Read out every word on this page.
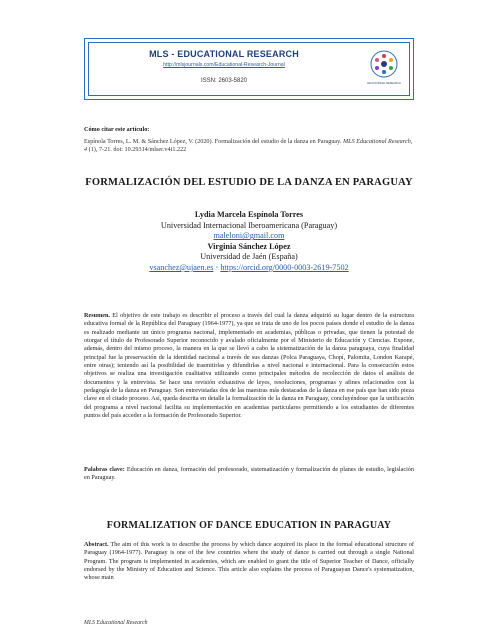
MLS - EDUCATIONAL RESEARCH
http://mlsjournals.com/Educational-Research-Journal
ISSN: 2603-5820	EDUCATIONAL RESEARCH
Cómo citar este artículo:
Espínola Torres, L. M. & Sánchez López, V. (2020). Formalización del estudio de la danza en Paraguay. MLS Educational Research, 4 (1), 7-21. doi: 10.29314/mlser.v4i1.222
FORMALIZACIÓN DEL ESTUDIO DE LA DANZA EN PARAGUAY
Lydia Marcela Espínola Torres
Universidad Internacional Iberoamericana (Paraguay)
maleloni@gmail.com
Virginia Sánchez López
Universidad de Jaén (España)
vsanchez@ujaen.es · https://orcid.org/0000-0003-2619-7502
Resumen. El objetivo de este trabajo es describir el proceso a través del cual la danza adquirió su lugar dentro de la estructura educativa formal de la República del Paraguay (1964-1977), ya que se trata de uno de los pocos países donde el estudio de la danza es realizado mediante un único programa nacional, implementado en academias, públicas o privadas, que tienen la potestad de otorgar el título de Profesorado Superior reconocido y avalado oficialmente por el Ministerio de Educación y Ciencias. Expone, además, dentro del mismo proceso, la manera en la que se llevó a cabo la sistematización de la danza paraguaya, cuya finalidad principal fue la preservación de la identidad nacional a través de sus danzas (Polca Paraguaya, Chopí, Palomita, London Karapé, entre otras); teniendo así la posibilidad de trasmitirlas y difundirlas a nivel nacional e internacional. Para la consecución estos objetivos se realiza una investigación cualitativa utilizando como principales métodos de recolección de datos el análisis de documentos y la entrevista. Se hace una revisión exhaustiva de leyes, resoluciones, programas y afines relacionados con la pedagogía de la danza en Paraguay. Son entrevistadas dos de las maestras más destacadas de la danza en ese país que han sido pieza clave en el citado proceso. Así, queda descrita en detalle la formalización de la danza en Paraguay, concluyéndose que la unificación del programa a nivel nacional facilita su implementación en academias particulares permitiendo a los estudiantes de diferentes puntos del país acceder a la formación de Profesorado Superior.
Palabras clave: Educación en danza, formación del profesorado, sistematización y formalización de planes de estudio, legislación en Paraguay.
FORMALIZATION OF DANCE EDUCATION IN PARAGUAY
Abstract. The aim of this work is to describe the process by which dance acquired its place in the formal educational structure of Paraguay (1964-1977). Paraguay is one of the few countries where the study of dance is carried out through a single National Program. The program is implemented in academies, which are enabled to grant the title of Superior Teacher of Dance, officially endorsed by the Ministry of Education and Science. This article also explains the process of Paraguayan Dance's systematization, whose main
MLS Educational Research
